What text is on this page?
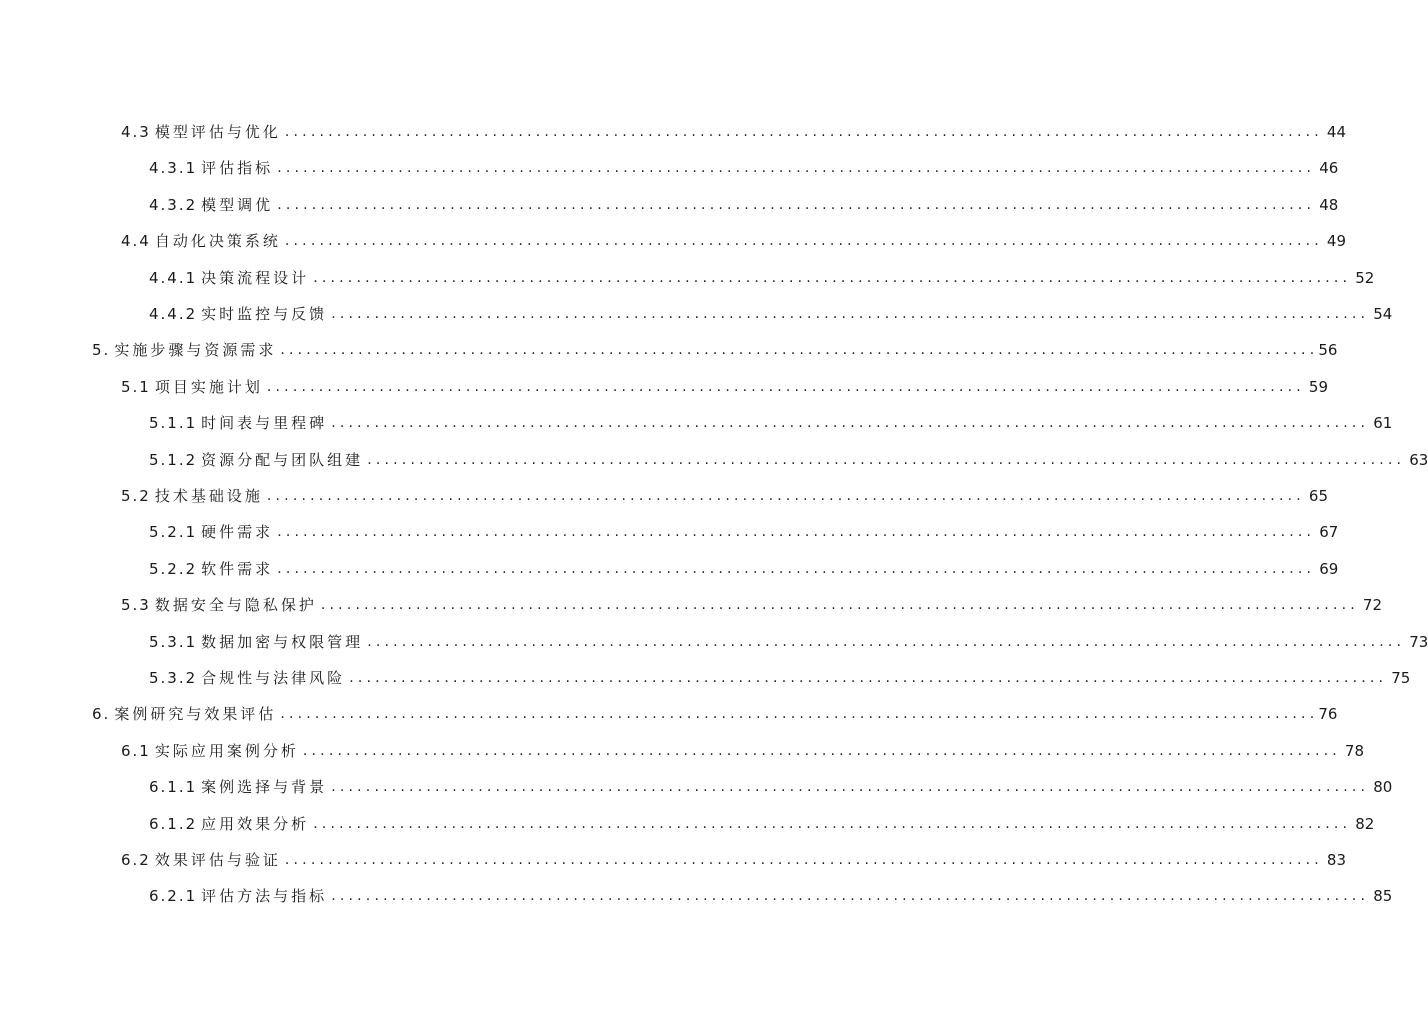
4.3 模型评估与优化 ........................................................................................................................ 44
4.3.1 评估指标 ........................................................................................................................ 46
4.3.2 模型调优 ........................................................................................................................ 48
4.4 自动化决策系统 ........................................................................................................................ 49
4.4.1 决策流程设计 ........................................................................................................................ 52
4.4.2 实时监控与反馈 ........................................................................................................................ 54
5. 实施步骤与资源需求 ........................................................................................................................ 56
5.1 项目实施计划 ........................................................................................................................ 59
5.1.1 时间表与里程碑 ........................................................................................................................ 61
5.1.2 资源分配与团队组建 ........................................................................................................................ 63
5.2 技术基础设施 ........................................................................................................................ 65
5.2.1 硬件需求 ........................................................................................................................ 67
5.2.2 软件需求 ........................................................................................................................ 69
5.3 数据安全与隐私保护 ........................................................................................................................ 72
5.3.1 数据加密与权限管理 ........................................................................................................................ 73
5.3.2 合规性与法律风险 ........................................................................................................................ 75
6. 案例研究与效果评估 ........................................................................................................................ 76
6.1 实际应用案例分析 ........................................................................................................................ 78
6.1.1 案例选择与背景 ........................................................................................................................ 80
6.1.2 应用效果分析 ........................................................................................................................ 82
6.2 效果评估与验证 ........................................................................................................................ 83
6.2.1 评估方法与指标 ........................................................................................................................ 85
